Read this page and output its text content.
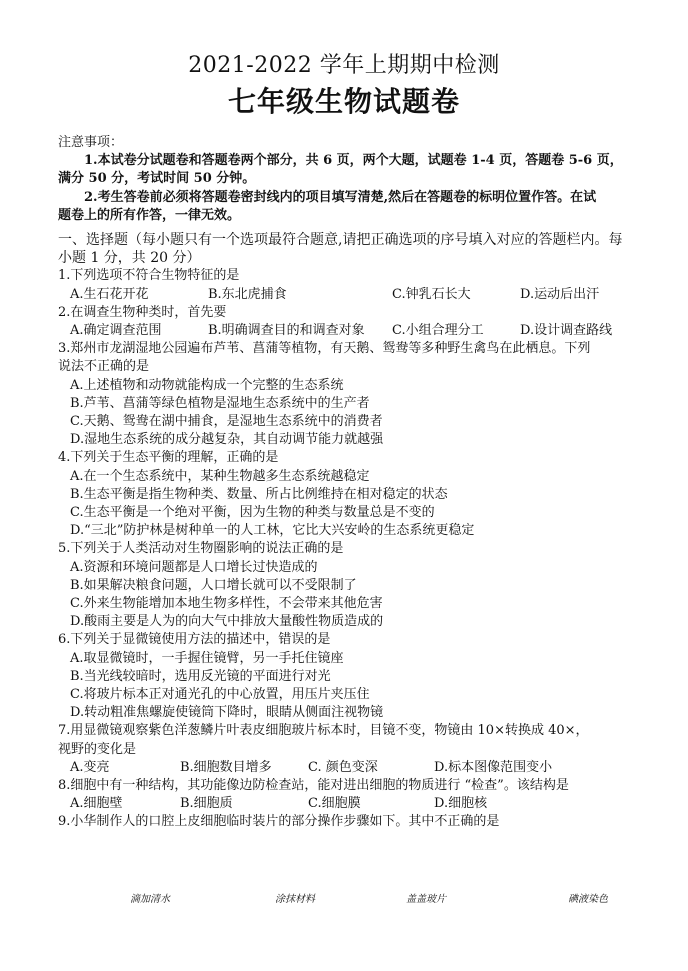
2021-2022 学年上期期中检测
七年级生物试题卷

注意事项：

1.本试卷分试题卷和答题卷两个部分，共 6 页，两个大题，试题卷 1-4 页，答题卷 5-6 页，

满分 50 分，考试时间 50 分钟。

2.考生答卷前必须将答题卷密封线内的项目填写清楚,然后在答题卷的标明位置作答。在试

题卷上的所有作答，一律无效。

一、选择题（每小题只有一个选项最符合题意,请把正确选项的序号填入对应的答题栏内。每

小题 1 分，共 20 分）

1.下列选项不符合生物特征的是

A.生石花开花	B.东北虎捕食	C.钟乳石长大	D.运动后出汗

2.在调查生物种类时，首先要

A.确定调查范围	B.明确调查目的和调查对象 C.小组合理分工	D.设计调查路线

3.郑州市龙湖湿地公园遍布芦苇、菖蒲等植物，有天鹅、鸳鸯等多种野生禽鸟在此栖息。下列

说法不正确的是

A.上述植物和动物就能构成一个完整的生态系统

B.芦苇、菖蒲等绿色植物是湿地生态系统中的生产者

C.天鹅、鸳鸯在湖中捕食，是湿地生态系统中的消费者

D.湿地生态系统的成分越复杂，其自动调节能力就越强

4.下列关于生态平衡的理解，正确的是

A.在一个生态系统中，某种生物越多生态系统越稳定

B.生态平衡是指生物种类、数量、所占比例维持在相对稳定的状态

C.生态平衡是一个绝对平衡，因为生物的种类与数量总是不变的

D.“三北”防护林是树种单一的人工林，它比大兴安岭的生态系统更稳定

5.下列关于人类活动对生物圈影响的说法正确的是

A.资源和环境问题都是人口增长过快造成的

B.如果解决粮食问题，人口增长就可以不受限制了

C.外来生物能增加本地生物多样性，不会带来其他危害

D.酸雨主要是人为的向大气中排放大量酸性物质造成的

6.下列关于显微镜使用方法的描述中，错误的是

A.取显微镜时，一手握住镜臂，另一手托住镜座

B.当光线较暗时，选用反光镜的平面进行对光

C.将玻片标本正对通光孔的中心放置，用压片夹压住

D.转动粗准焦螺旋使镜筒下降时，眼睛从侧面注视物镜

7.用显微镜观察紫色洋葱鳞片叶表皮细胞玻片标本时，目镜不变，物镜由 10×转换成 40×，

视野的变化是

A.变亮	B.细胞数目增多	C. 颜色变深	D.标本图像范围变小

8.细胞中有一种结构，其功能像边防检查站，能对进出细胞的物质进行 “检查”。该结构是

A.细胞壁	B.细胞质	C.细胞膜	D.细胞核

9.小华制作人的口腔上皮细胞临时装片的部分操作步骤如下。其中不正确的是

滴加清水	涂抹材料	盖盖玻片	碘液染色
